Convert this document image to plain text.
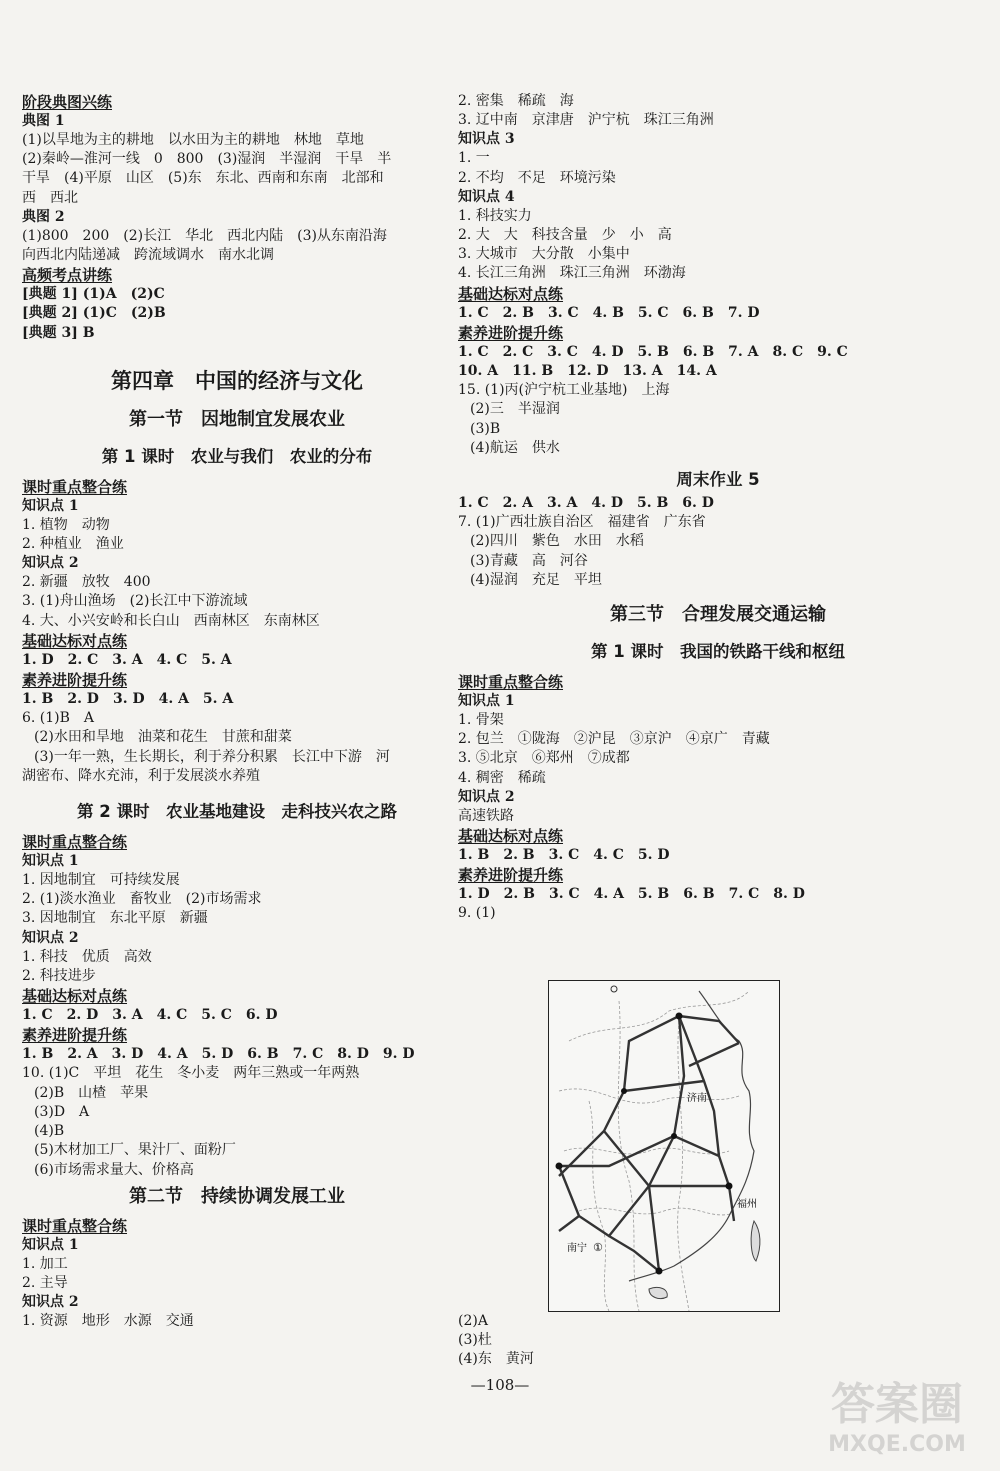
阶段典图兴练
典图 1
(1)以旱地为主的耕地　以水田为主的耕地　林地　草地
(2)秦岭—淮河一线　0　800　(3)湿润　半湿润　干旱　半
干旱　(4)平原　山区　(5)东　东北、西南和东南　北部和
西　西北
典图 2
(1)800　200　(2)长江　华北　西北内陆　(3)从东南沿海
向西北内陆递减　跨流域调水　南水北调
高频考点讲练
[典题 1] (1)A　(2)C
[典题 2] (1)C　(2)B
[典题 3] B
第四章　中国的经济与文化
第一节　因地制宜发展农业
第 1 课时　农业与我们　农业的分布
课时重点整合练
知识点 1
1. 植物　动物
2. 种植业　渔业
知识点 2
2. 新疆　放牧　400
3. (1)舟山渔场　(2)长江中下游流域
4. 大、小兴安岭和长白山　西南林区　东南林区
基础达标对点练
1. D　2. C　3. A　4. C　5. A
素养进阶提升练
1. B　2. D　3. D　4. A　5. A
6. (1)B　A
(2)水田和旱地　油菜和花生　甘蔗和甜菜
(3)一年一熟，生长期长，利于养分积累　长江中下游　河
湖密布、降水充沛，利于发展淡水养殖
第 2 课时　农业基地建设　走科技兴农之路
课时重点整合练
知识点 1
1. 因地制宜　可持续发展
2. (1)淡水渔业　畜牧业　(2)市场需求
3. 因地制宜　东北平原　新疆
知识点 2
1. 科技　优质　高效
2. 科技进步
基础达标对点练
1. C　2. D　3. A　4. C　5. C　6. D
素养进阶提升练
1. B　2. A　3. D　4. A　5. D　6. B　7. C　8. D　9. D
10. (1)C　平坦　花生　冬小麦　两年三熟或一年两熟
(2)B　山楂　苹果
(3)D　A
(4)B
(5)木材加工厂、果汁厂、面粉厂
(6)市场需求量大、价格高
第二节　持续协调发展工业
课时重点整合练
知识点 1
1. 加工
2. 主导
知识点 2
1. 资源　地形　水源　交通
2. 密集　稀疏　海
3. 辽中南　京津唐　沪宁杭　珠江三角洲
知识点 3
1. 一
2. 不均　不足　环境污染
知识点 4
1. 科技实力
2. 大　大　科技含量　少　小　高
3. 大城市　大分散　小集中
4. 长江三角洲　珠江三角洲　环渤海
基础达标对点练
1. C　2. B　3. C　4. B　5. C　6. B　7. D
素养进阶提升练
1. C　2. C　3. C　4. D　5. B　6. B　7. A　8. C　9. C
10. A　11. B　12. D　13. A　14. A
15. (1)丙(沪宁杭工业基地)　上海
(2)三　半湿润
(3)B
(4)航运　供水
周末作业 5
1. C　2. A　3. A　4. D　5. B　6. D
7. (1)广西壮族自治区　福建省　广东省
(2)四川　紫色　水田　水稻
(3)青藏　高　河谷
(4)湿润　充足　平坦
第三节　合理发展交通运输
第 1 课时　我国的铁路干线和枢纽
课时重点整合练
知识点 1
1. 骨架
2. 包兰　①陇海　②沪昆　③京沪　④京广　青藏
3. ⑤北京　⑥郑州　⑦成都
4. 稠密　稀疏
知识点 2
高速铁路
基础达标对点练
1. B　2. B　3. C　4. C　5. D
素养进阶提升练
1. D　2. B　3. C　4. A　5. B　6. B　7. C　8. D
9. (1)
济南
福州
南宁 ①
(2)A
(3)杜
(4)东　黄河
—108—	答案圈
MXQE.COM
